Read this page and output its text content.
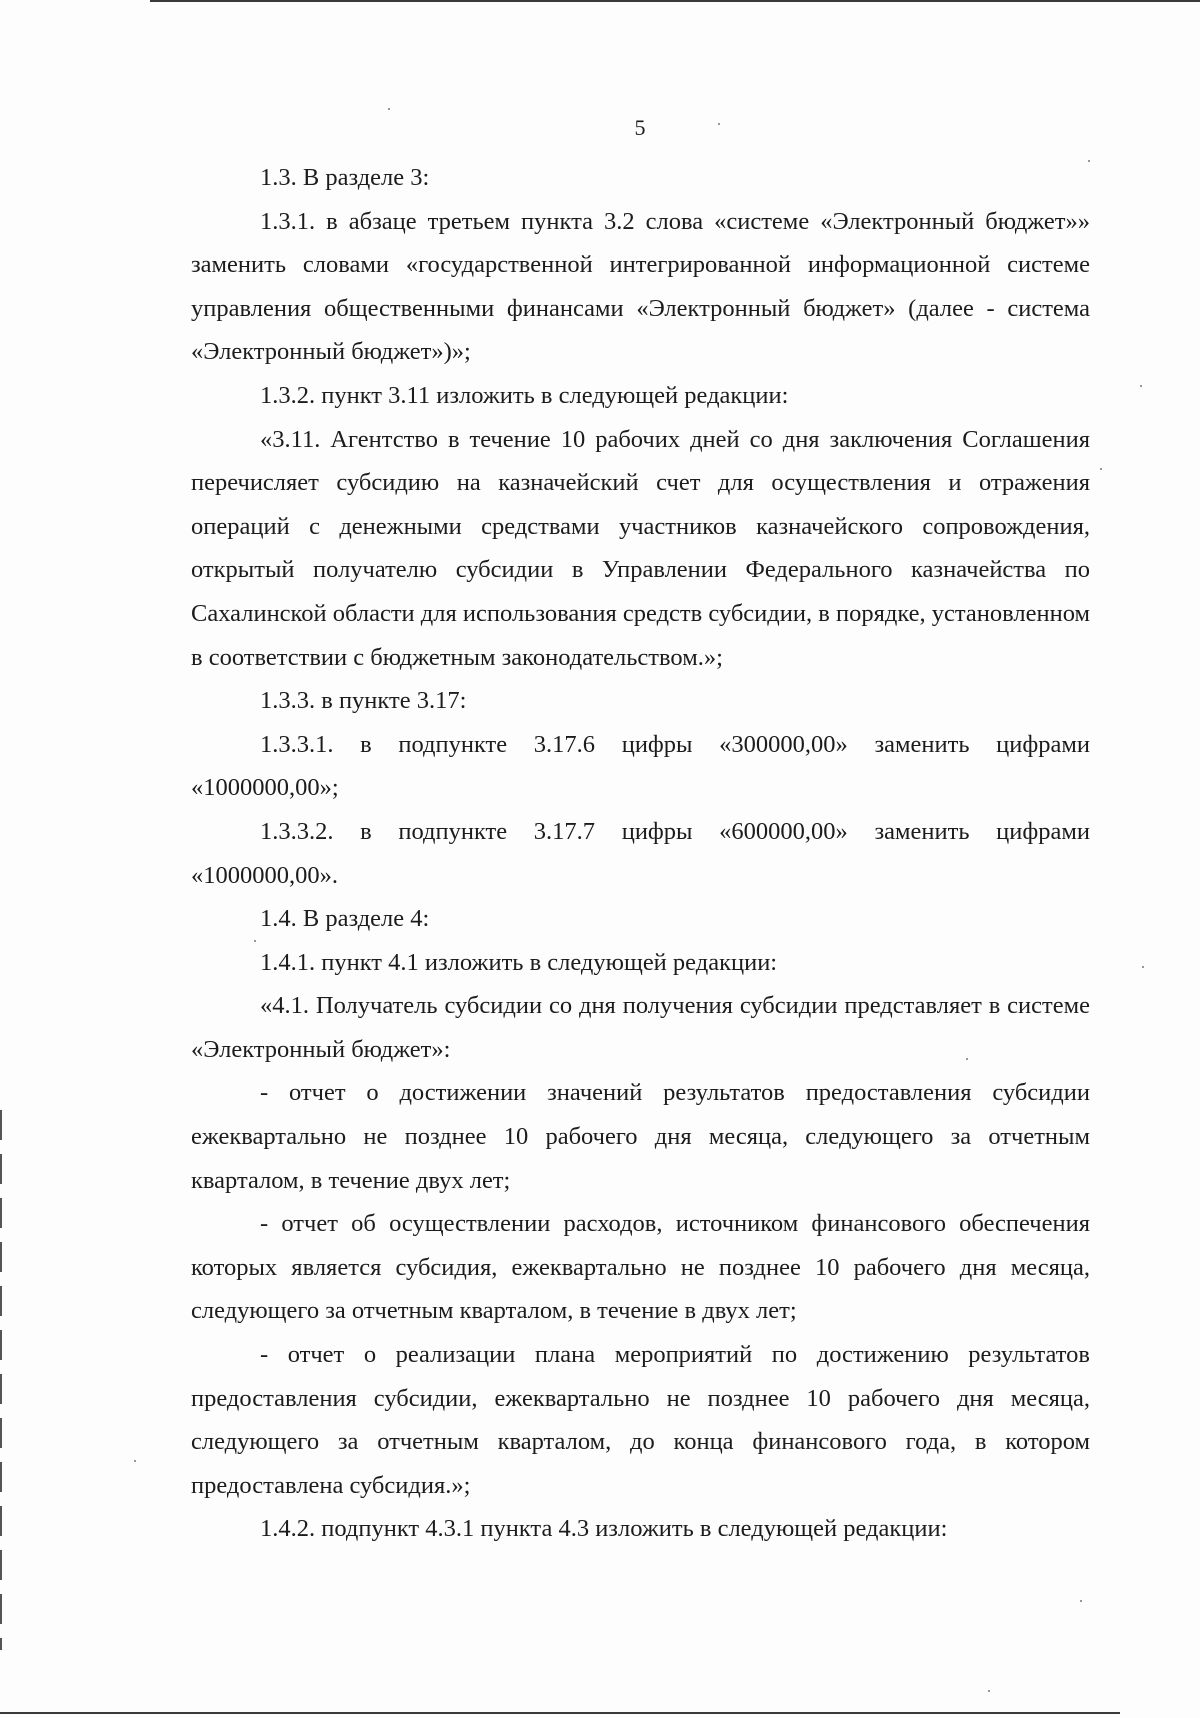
5

1.3. В разделе 3:

1.3.1. в абзаце третьем пункта 3.2 слова «системе «Электронный бюджет»» заменить словами «государственной интегрированной информационной системе управления общественными финансами «Электронный бюджет» (далее - система «Электронный бюджет»)»;

1.3.2. пункт 3.11 изложить в следующей редакции:

«3.11. Агентство в течение 10 рабочих дней со дня заключения Соглашения перечисляет субсидию на казначейский счет для осуществления и отражения операций с денежными средствами участников казначейского сопровождения, открытый получателю субсидии в Управлении Федерального казначейства по Сахалинской области для использования средств субсидии, в порядке, установленном в соответствии с бюджетным законодательством.»;

1.3.3. в пункте 3.17:

1.3.3.1. в подпункте 3.17.6 цифры «300000,00» заменить цифрами «1000000,00»;

1.3.3.2. в подпункте 3.17.7 цифры «600000,00» заменить цифрами «1000000,00».

1.4. В разделе 4:

1.4.1. пункт 4.1 изложить в следующей редакции:

«4.1. Получатель субсидии со дня получения субсидии представляет в системе «Электронный бюджет»:

- отчет о достижении значений результатов предоставления субсидии ежеквартально не позднее 10 рабочего дня месяца, следующего за отчетным кварталом, в течение двух лет;

- отчет об осуществлении расходов, источником финансового обеспечения которых является субсидия, ежеквартально не позднее 10 рабочего дня месяца, следующего за отчетным кварталом, в течение в двух лет;

- отчет о реализации плана мероприятий по достижению результатов предоставления субсидии, ежеквартально не позднее 10 рабочего дня месяца, следующего за отчетным кварталом, до конца финансового года, в котором предоставлена субсидия.»;

1.4.2. подпункт 4.3.1 пункта 4.3 изложить в следующей редакции:
